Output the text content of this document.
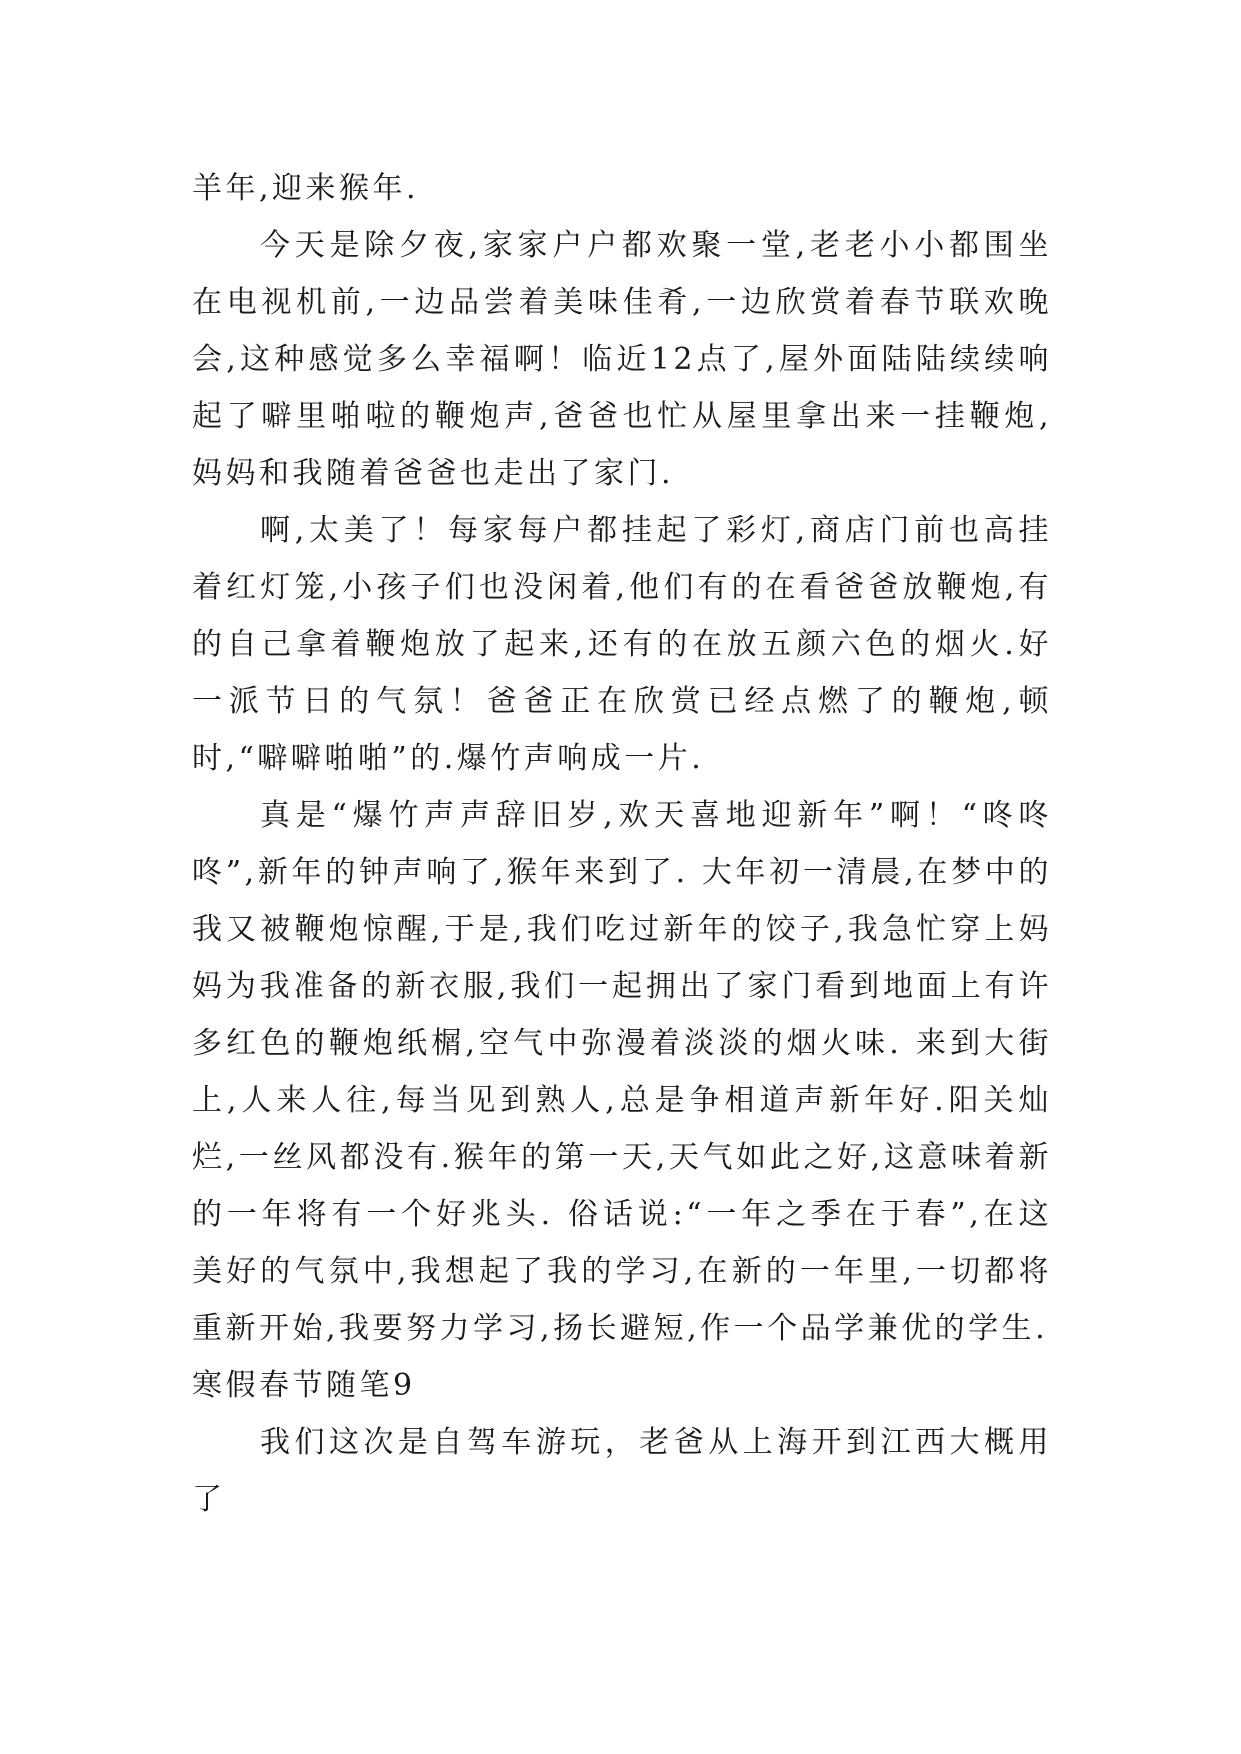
羊年,迎来猴年.

今天是除夕夜,家家户户都欢聚一堂,老老小小都围坐在电视机前,一边品尝着美味佳肴,一边欣赏着春节联欢晚会,这种感觉多么幸福啊！临近12点了,屋外面陆陆续续响起了噼里啪啦的鞭炮声,爸爸也忙从屋里拿出来一挂鞭炮,妈妈和我随着爸爸也走出了家门.

啊,太美了！每家每户都挂起了彩灯,商店门前也高挂着红灯笼,小孩子们也没闲着,他们有的在看爸爸放鞭炮,有的自己拿着鞭炮放了起来,还有的在放五颜六色的烟火.好一派节日的气氛！爸爸正在欣赏已经点燃了的鞭炮,顿时,“噼噼啪啪”的.爆竹声响成一片.

真是“爆竹声声辞旧岁,欢天喜地迎新年”啊！“咚咚咚”,新年的钟声响了,猴年来到了. 大年初一清晨,在梦中的我又被鞭炮惊醒,于是,我们吃过新年的饺子,我急忙穿上妈妈为我准备的新衣服,我们一起拥出了家门看到地面上有许多红色的鞭炮纸榍,空气中弥漫着淡淡的烟火味. 来到大街上,人来人往,每当见到熟人,总是争相道声新年好.阳关灿烂,一丝风都没有.猴年的第一天,天气如此之好,这意味着新的一年将有一个好兆头. 俗话说:“一年之季在于春”,在这美好的气氛中,我想起了我的学习,在新的一年里,一切都将重新开始,我要努力学习,扬长避短,作一个品学兼优的学生.

寒假春节随笔9

我们这次是自驾车游玩，老爸从上海开到江西大概用了
